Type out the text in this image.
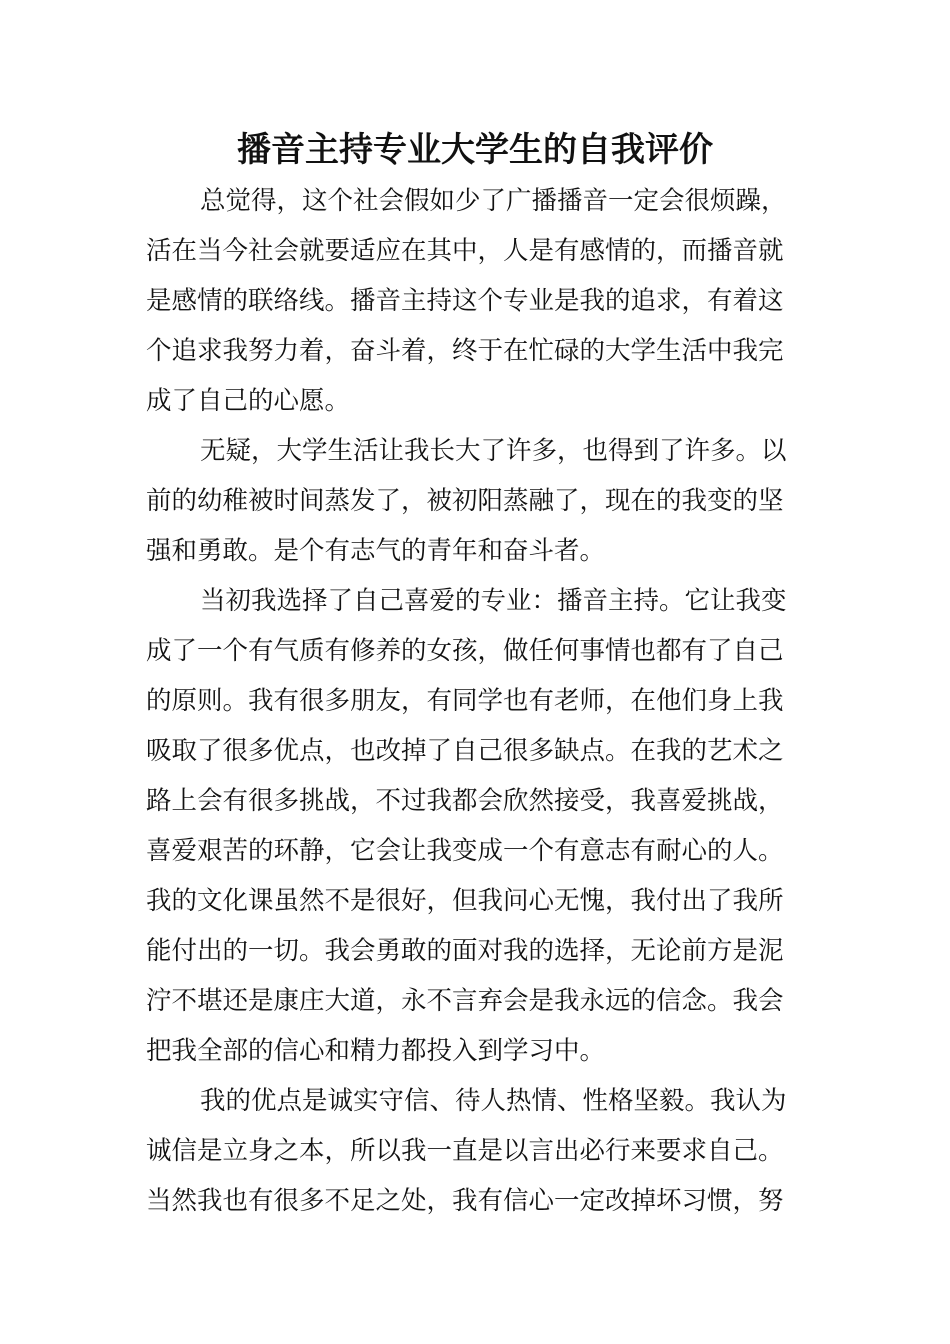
播音主持专业大学生的自我评价
总觉得，这个社会假如少了广播播音一定会很烦躁，
活在当今社会就要适应在其中，人是有感情的，而播音就
是感情的联络线。播音主持这个专业是我的追求，有着这
个追求我努力着，奋斗着，终于在忙碌的大学生活中我完
成了自己的心愿。
无疑，大学生活让我长大了许多，也得到了许多。以
前的幼稚被时间蒸发了，被初阳蒸融了，现在的我变的坚
强和勇敢。是个有志气的青年和奋斗者。
当初我选择了自己喜爱的专业：播音主持。它让我变
成了一个有气质有修养的女孩，做任何事情也都有了自己
的原则。我有很多朋友，有同学也有老师，在他们身上我
吸取了很多优点，也改掉了自己很多缺点。在我的艺术之
路上会有很多挑战，不过我都会欣然接受，我喜爱挑战，
喜爱艰苦的环静，它会让我变成一个有意志有耐心的人。
我的文化课虽然不是很好，但我问心无愧，我付出了我所
能付出的一切。我会勇敢的面对我的选择，无论前方是泥
泞不堪还是康庄大道，永不言弃会是我永远的信念。我会
把我全部的信心和精力都投入到学习中。
我的优点是诚实守信、待人热情、性格坚毅。我认为
诚信是立身之本，所以我一直是以言出必行来要求自己。
当然我也有很多不足之处，我有信心一定改掉坏习惯，努
